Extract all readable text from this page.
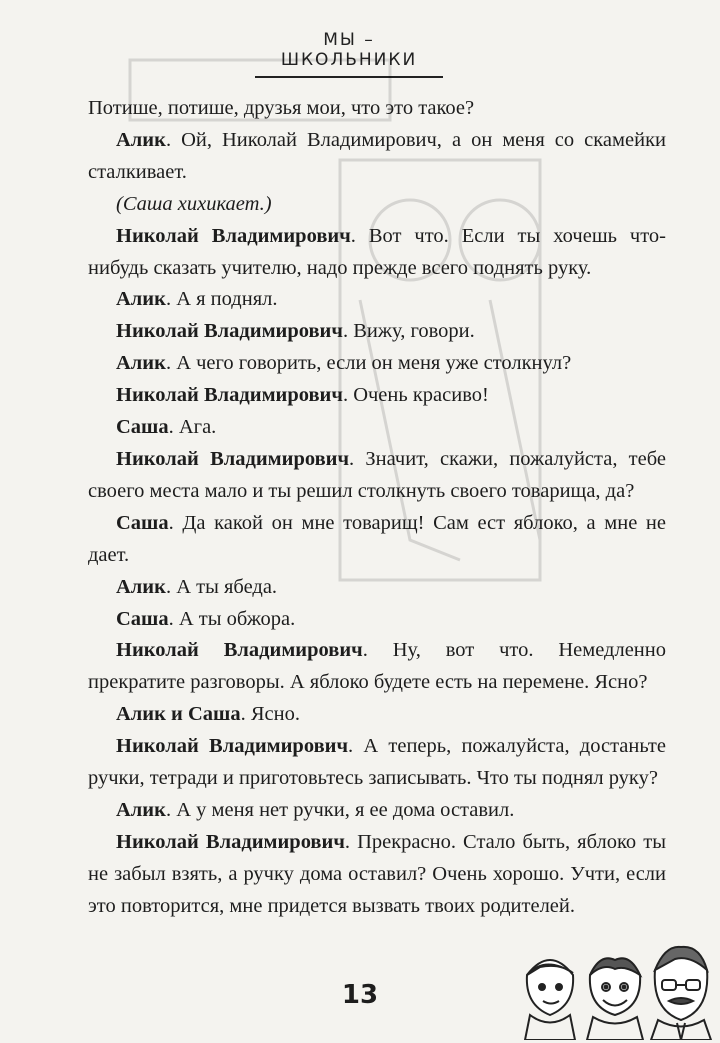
МЫ – ШКОЛЬНИКИ

Потише, потише, друзья мои, что это такое?

Алик. Ой, Николай Владимирович, а он меня со скамейки сталкивает.

(Саша хихикает.)

Николай Владимирович. Вот что. Если ты хочешь что-нибудь сказать учителю, надо прежде всего поднять руку.

Алик. А я поднял.

Николай Владимирович. Вижу, говори.

Алик. А чего говорить, если он меня уже столкнул?

Николай Владимирович. Очень красиво!

Саша. Ага.

Николай Владимирович. Значит, скажи, пожалуйста, тебе своего места мало и ты решил столкнуть своего товарища, да?

Саша. Да какой он мне товарищ! Сам ест яблоко, а мне не дает.

Алик. А ты ябеда.

Саша. А ты обжора.

Николай Владимирович. Ну, вот что. Немедленно прекратите разговоры. А яблоко будете есть на перемене. Ясно?

Алик и Саша. Ясно.

Николай Владимирович. А теперь, пожалуйста, достаньте ручки, тетради и приготовьтесь записывать. Что ты поднял руку?

Алик. А у меня нет ручки, я ее дома оставил.

Николай Владимирович. Прекрасно. Стало быть, яблоко ты не забыл взять, а ручку дома оставил? Очень хорошо. Учти, если это повторится, мне придется вызвать твоих родителей.

13
